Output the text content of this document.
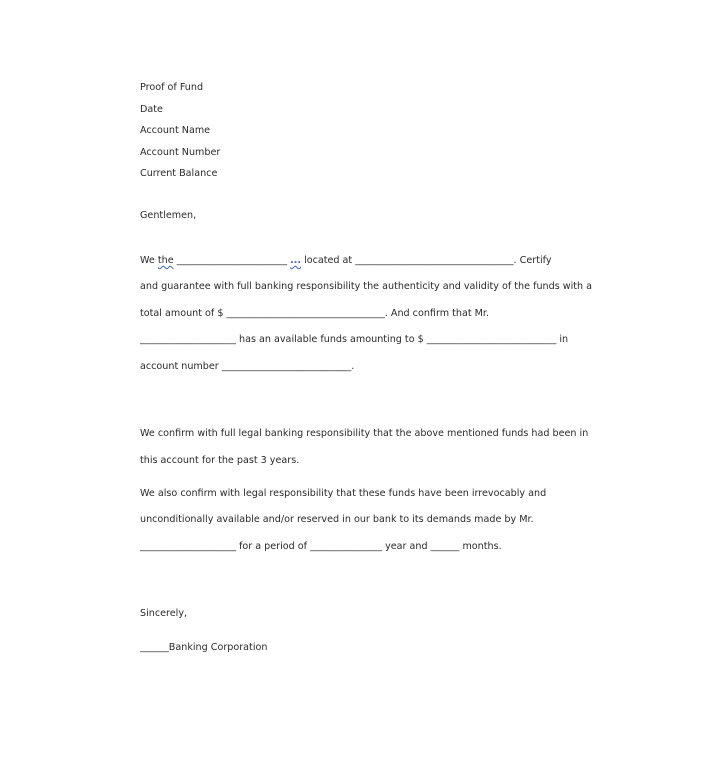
Proof of Fund
Date
Account Name
Account Number
Current Balance
Gentlemen,
We the _______________________ ... located at _________________________________. Certify
and guarantee with full banking responsibility the authenticity and validity of the funds with a
total amount of $ _________________________________. And confirm that Mr.
____________________ has an available funds amounting to $ ___________________________ in
account number ___________________________.
We confirm with full legal banking responsibility that the above mentioned funds had been in
this account for the past 3 years.
We also confirm with legal responsibility that these funds have been irrevocably and
unconditionally available and/or reserved in our bank to its demands made by Mr.
____________________ for a period of _______________ year and ______ months.
Sincerely,
______Banking Corporation
